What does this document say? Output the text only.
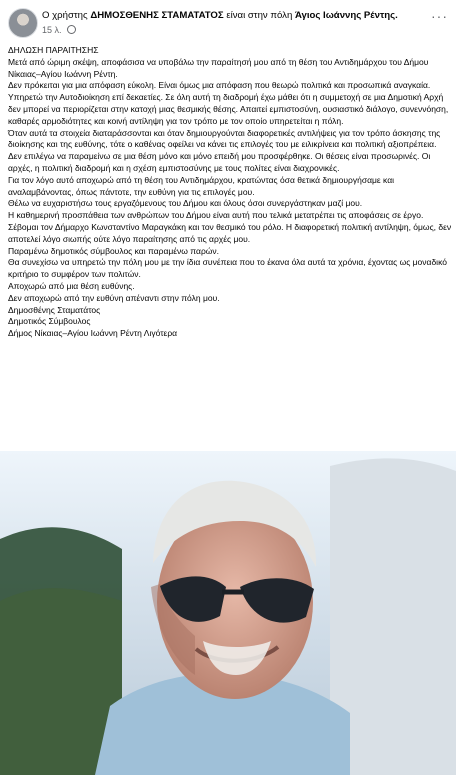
Ο χρήστης ΔΗΜΟΣΘΕΝΗΣ ΣΤΑΜΑΤΑΤΟΣ είναι στην πόλη Άγιος Ιωάννης Ρέντης.
15 λ.
···

ΔΗΛΩΣΗ ΠΑΡΑΙΤΗΣΗΣ

Μετά από ώριμη σκέψη, αποφάσισα να υποβάλω την παραίτησή μου από τη θέση του Αντιδημάρχου του Δήμου Νίκαιας–Αγίου Ιωάννη Ρέντη.

Δεν πρόκειται για μια απόφαση εύκολη. Είναι όμως μια απόφαση που θεωρώ πολιτικά και προσωπικά αναγκαία.

Υπηρετώ την Αυτοδιοίκηση επί δεκαετίες. Σε όλη αυτή τη διαδρομή έχω μάθει ότι η συμμετοχή σε μια Δημοτική Αρχή δεν μπορεί να περιορίζεται στην κατοχή μιας θεσμικής θέσης. Απαιτεί εμπιστοσύνη, ουσιαστικό διάλογο, συνεννόηση, καθαρές αρμοδιότητες και κοινή αντίληψη για τον τρόπο με τον οποίο υπηρετείται η πόλη.

Όταν αυτά τα στοιχεία διαταράσσονται και όταν δημιουργούνται διαφορετικές αντιλήψεις για τον τρόπο άσκησης της διοίκησης και της ευθύνης, τότε ο καθένας οφείλει να κάνει τις επιλογές του με ειλικρίνεια και πολιτική αξιοπρέπεια.

Δεν επιλέγω να παραμείνω σε μια θέση μόνο και μόνο επειδή μου προσφέρθηκε. Οι θέσεις είναι προσωρινές. Οι αρχές, η πολιτική διαδρομή και η σχέση εμπιστοσύνης με τους πολίτες είναι διαχρονικές.

Για τον λόγο αυτό αποχωρώ από τη θέση του Αντιδημάρχου, κρατώντας όσα θετικά δημιουργήσαμε και αναλαμβάνοντας, όπως πάντοτε, την ευθύνη για τις επιλογές μου.

Θέλω να ευχαριστήσω τους εργαζόμενους του Δήμου και όλους όσοι συνεργάστηκαν μαζί μου.

Η καθημερινή προσπάθεια των ανθρώπων του Δήμου είναι αυτή που τελικά μετατρέπει τις αποφάσεις σε έργο.

Σέβομαι τον Δήμαρχο Κωνσταντίνο Μαραγκάκη και τον θεσμικό του ρόλο. Η διαφορετική πολιτική αντίληψη, όμως, δεν αποτελεί λόγο σιωπής ούτε λόγο παραίτησης από τις αρχές μου.

Παραμένω δημοτικός σύμβουλος και παραμένω παρών.

Θα συνεχίσω να υπηρετώ την πόλη μου με την ίδια συνέπεια που το έκανα όλα αυτά τα χρόνια, έχοντας ως μοναδικό κριτήριο το συμφέρον των πολιτών.

Αποχωρώ από μια θέση ευθύνης.

Δεν αποχωρώ από την ευθύνη απέναντι στην πόλη μου.

Δημοσθένης Σταματάτος

Δημοτικός Σύμβουλος

Δήμος Νίκαιας–Αγίου Ιωάννη Ρέντη Λιγότερα
